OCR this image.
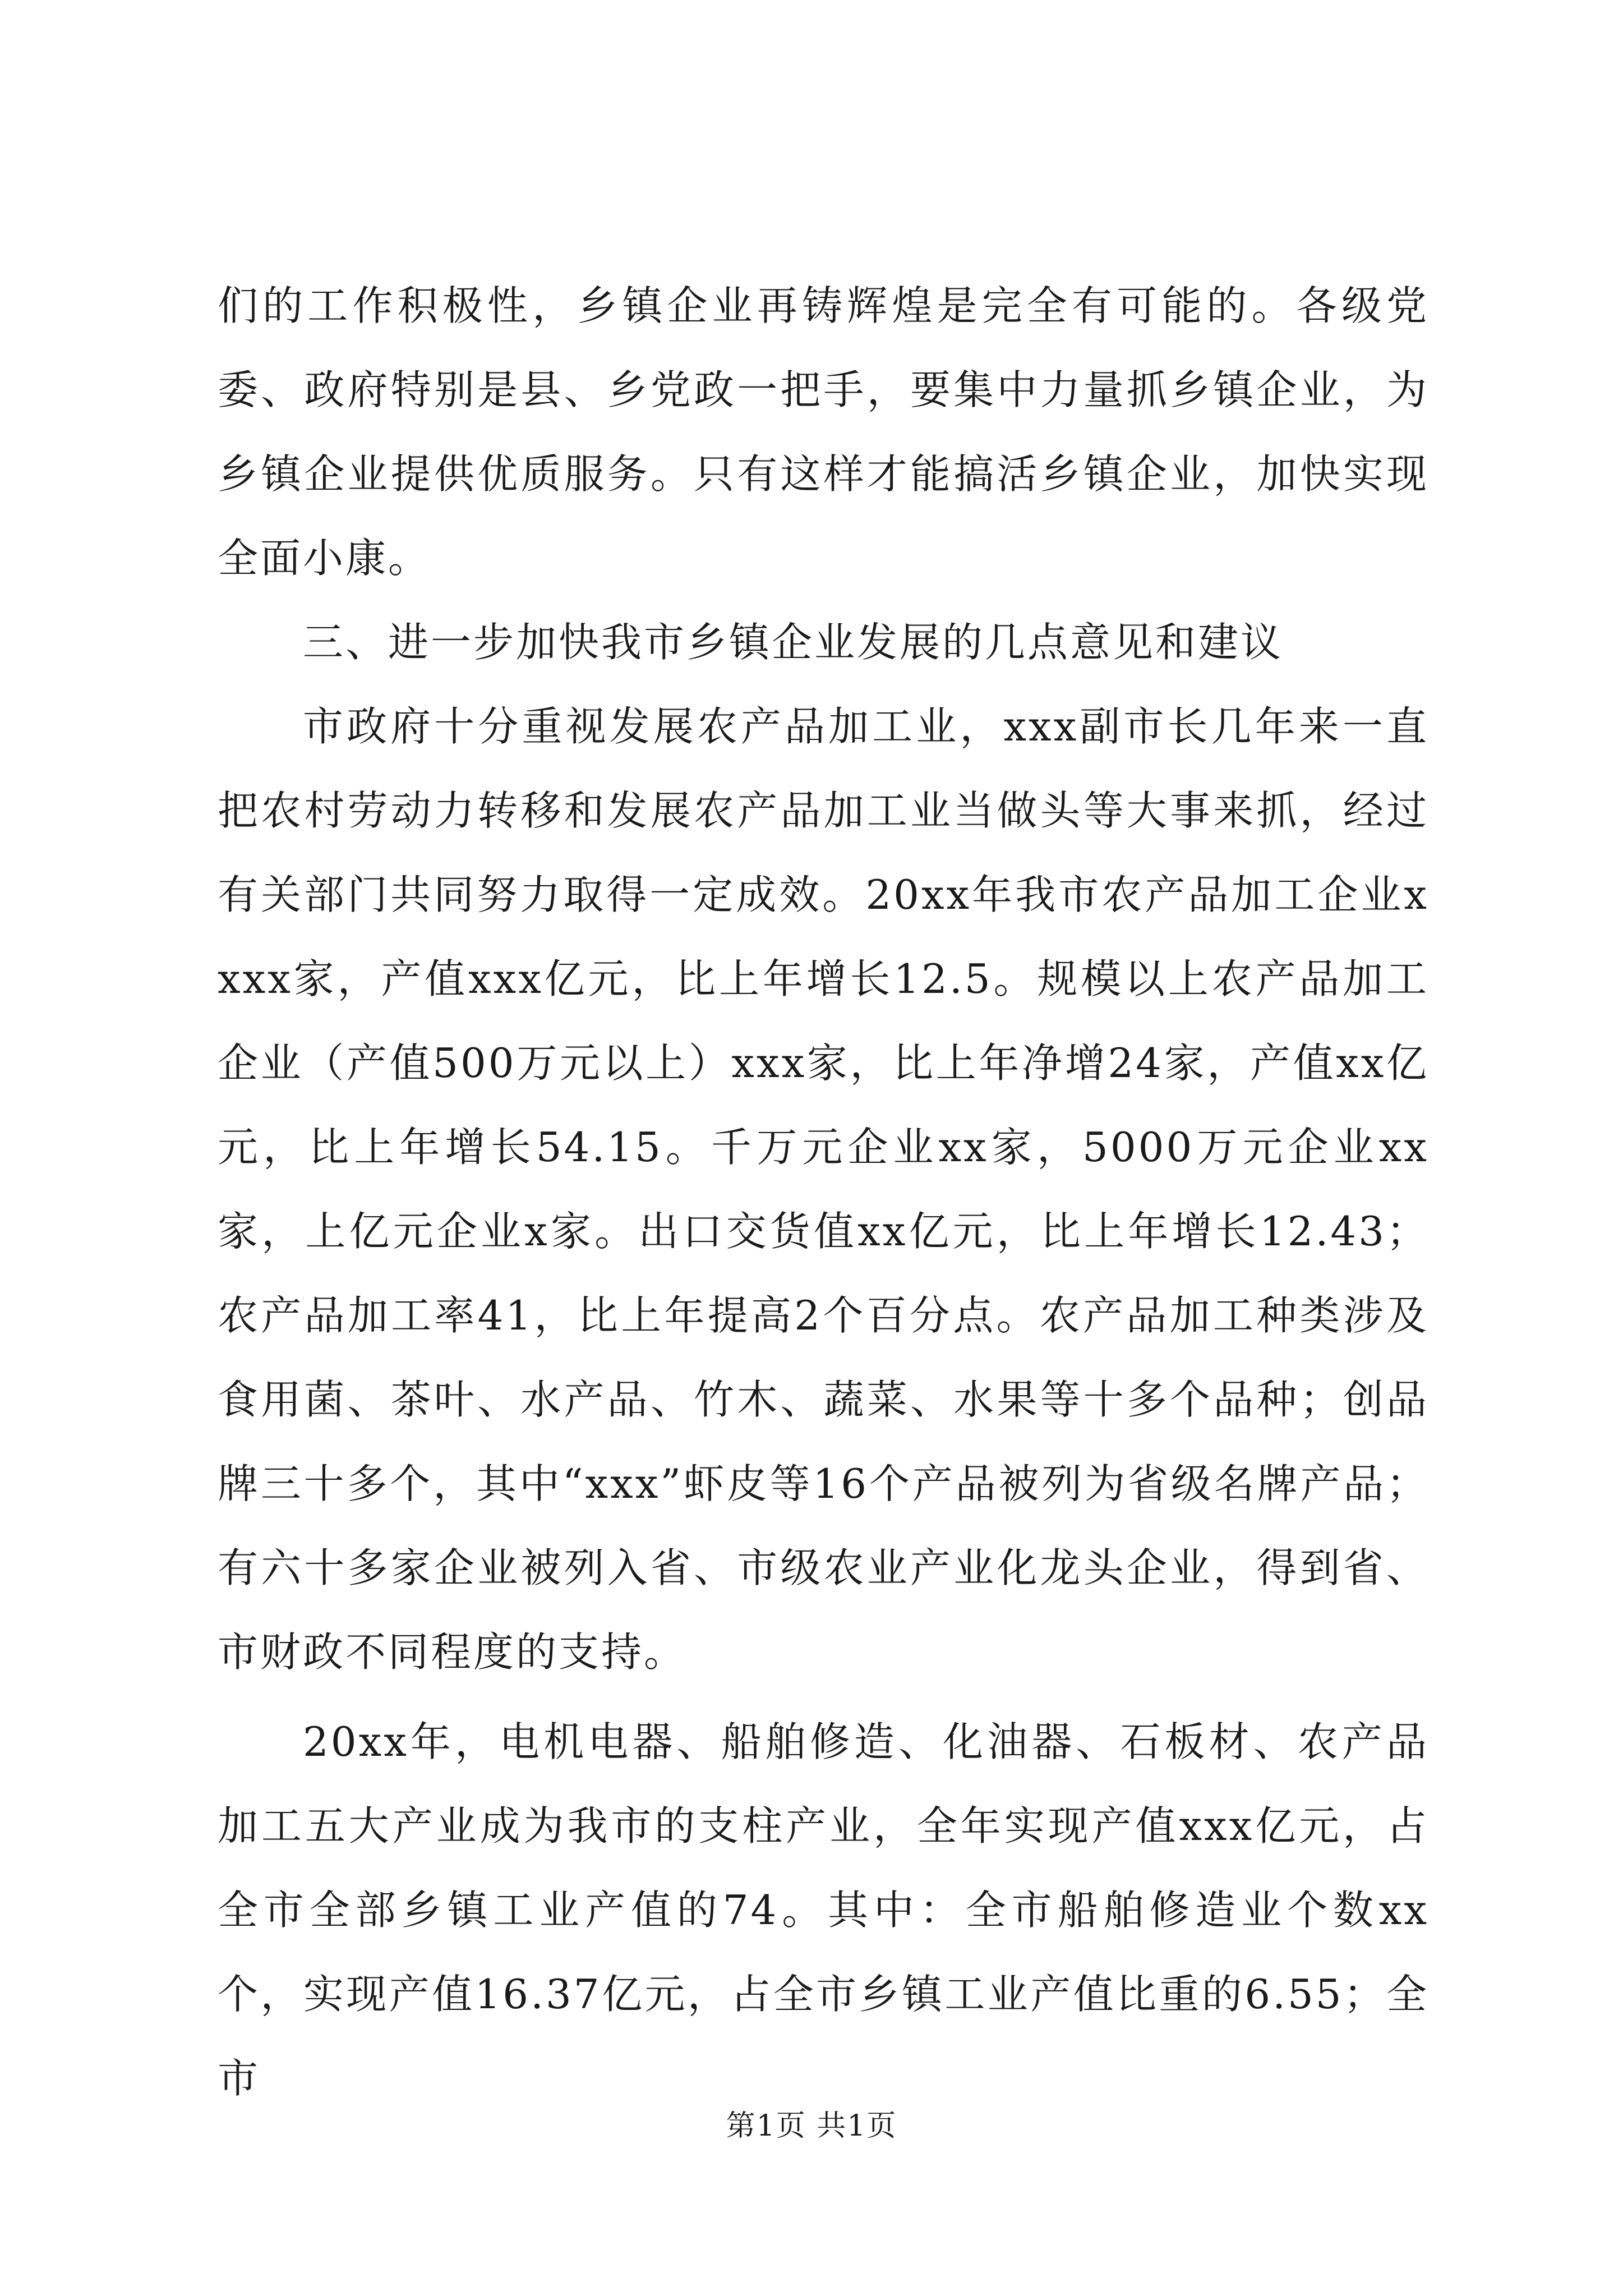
们的工作积极性，乡镇企业再铸辉煌是完全有可能的。各级党委、政府特别是县、乡党政一把手，要集中力量抓乡镇企业，为乡镇企业提供优质服务。只有这样才能搞活乡镇企业，加快实现全面小康。

三、进一步加快我市乡镇企业发展的几点意见和建议

市政府十分重视发展农产品加工业，xxx副市长几年来一直把农村劳动力转移和发展农产品加工业当做头等大事来抓，经过有关部门共同努力取得一定成效。20xx年我市农产品加工企业xxxx家，产值xxx亿元，比上年增长12.5。规模以上农产品加工企业（产值500万元以上）xxx家，比上年净增24家，产值xx亿元，比上年增长54.15。千万元企业xx家，5000万元企业xx家，上亿元企业x家。出口交货值xx亿元，比上年增长12.43；农产品加工率41，比上年提高2个百分点。农产品加工种类涉及食用菌、茶叶、水产品、竹木、蔬菜、水果等十多个品种；创品牌三十多个，其中“xxx”虾皮等16个产品被列为省级名牌产品；有六十多家企业被列入省、市级农业产业化龙头企业，得到省、市财政不同程度的支持。

20xx年，电机电器、船舶修造、化油器、石板材、农产品加工五大产业成为我市的支柱产业，全年实现产值xxx亿元，占全市全部乡镇工业产值的74。其中：全市船舶修造业个数xx个，实现产值16.37亿元，占全市乡镇工业产值比重的6.55；全市

第1页 共1页
